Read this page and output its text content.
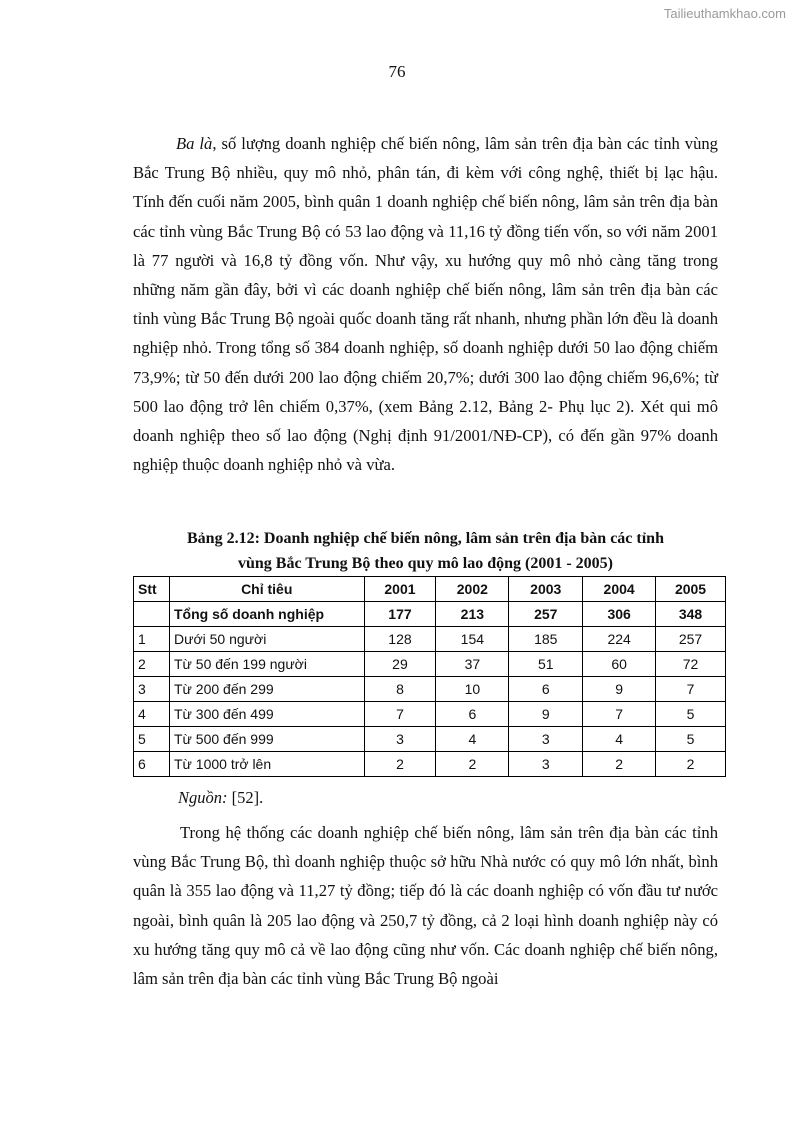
Tailieuthamkhao.com
76

Ba là, số lượng doanh nghiệp chế biến nông, lâm sản trên địa bàn các tỉnh vùng Bắc Trung Bộ nhiều, quy mô nhỏ, phân tán, đi kèm với công nghệ, thiết bị lạc hậu. Tính đến cuối năm 2005, bình quân 1 doanh nghiệp chế biến nông, lâm sản trên địa bàn các tỉnh vùng Bắc Trung Bộ có 53 lao động và 11,16 tỷ đồng tiến vốn, so với năm 2001 là 77 người và 16,8 tỷ đồng vốn. Như vậy, xu hướng quy mô nhỏ càng tăng trong những năm gần đây, bởi vì các doanh nghiệp chế biến nông, lâm sản trên địa bàn các tỉnh vùng Bắc Trung Bộ ngoài quốc doanh tăng rất nhanh, nhưng phần lớn đều là doanh nghiệp nhỏ. Trong tổng số 384 doanh nghiệp, số doanh nghiệp dưới 50 lao động chiếm 73,9%; từ 50 đến dưới 200 lao động chiếm 20,7%; dưới 300 lao động chiếm 96,6%; từ 500 lao động trở lên chiếm 0,37%, (xem Bảng 2.12, Bảng 2- Phụ lục 2). Xét qui mô doanh nghiệp theo số lao động (Nghị định 91/2001/NĐ-CP), có đến gần 97% doanh nghiệp thuộc doanh nghiệp nhỏ và vừa.

Bảng 2.12: Doanh nghiệp chế biến nông, lâm sản trên địa bàn các tỉnh
vùng Bắc Trung Bộ theo quy mô lao động (2001 - 2005)
Stt	Chỉ tiêu	2001	2002	2003	2004	2005
	Tổng số doanh nghiệp	177	213	257	306	348
1	Dưới 50 người	128	154	185	224	257
2	Từ 50 đến 199 người	29	37	51	60	72
3	Từ 200 đến 299	8	10	6	9	7
4	Từ 300 đến 499	7	6	9	7	5
5	Từ 500 đến 999	3	4	3	4	5
6	Từ 1000 trở lên	2	2	3	2	2
Nguồn: [52].

Trong hệ thống các doanh nghiệp chế biến nông, lâm sản trên địa bàn các tỉnh vùng Bắc Trung Bộ, thì doanh nghiệp thuộc sở hữu Nhà nước có quy mô lớn nhất, bình quân là 355 lao động và 11,27 tỷ đồng; tiếp đó là các doanh nghiệp có vốn đầu tư nước ngoài, bình quân là 205 lao động và 250,7 tỷ đồng, cả 2 loại hình doanh nghiệp này có xu hướng tăng quy mô cả về lao động cũng như vốn. Các doanh nghiệp chế biến nông, lâm sản trên địa bàn các tỉnh vùng Bắc Trung Bộ ngoài
